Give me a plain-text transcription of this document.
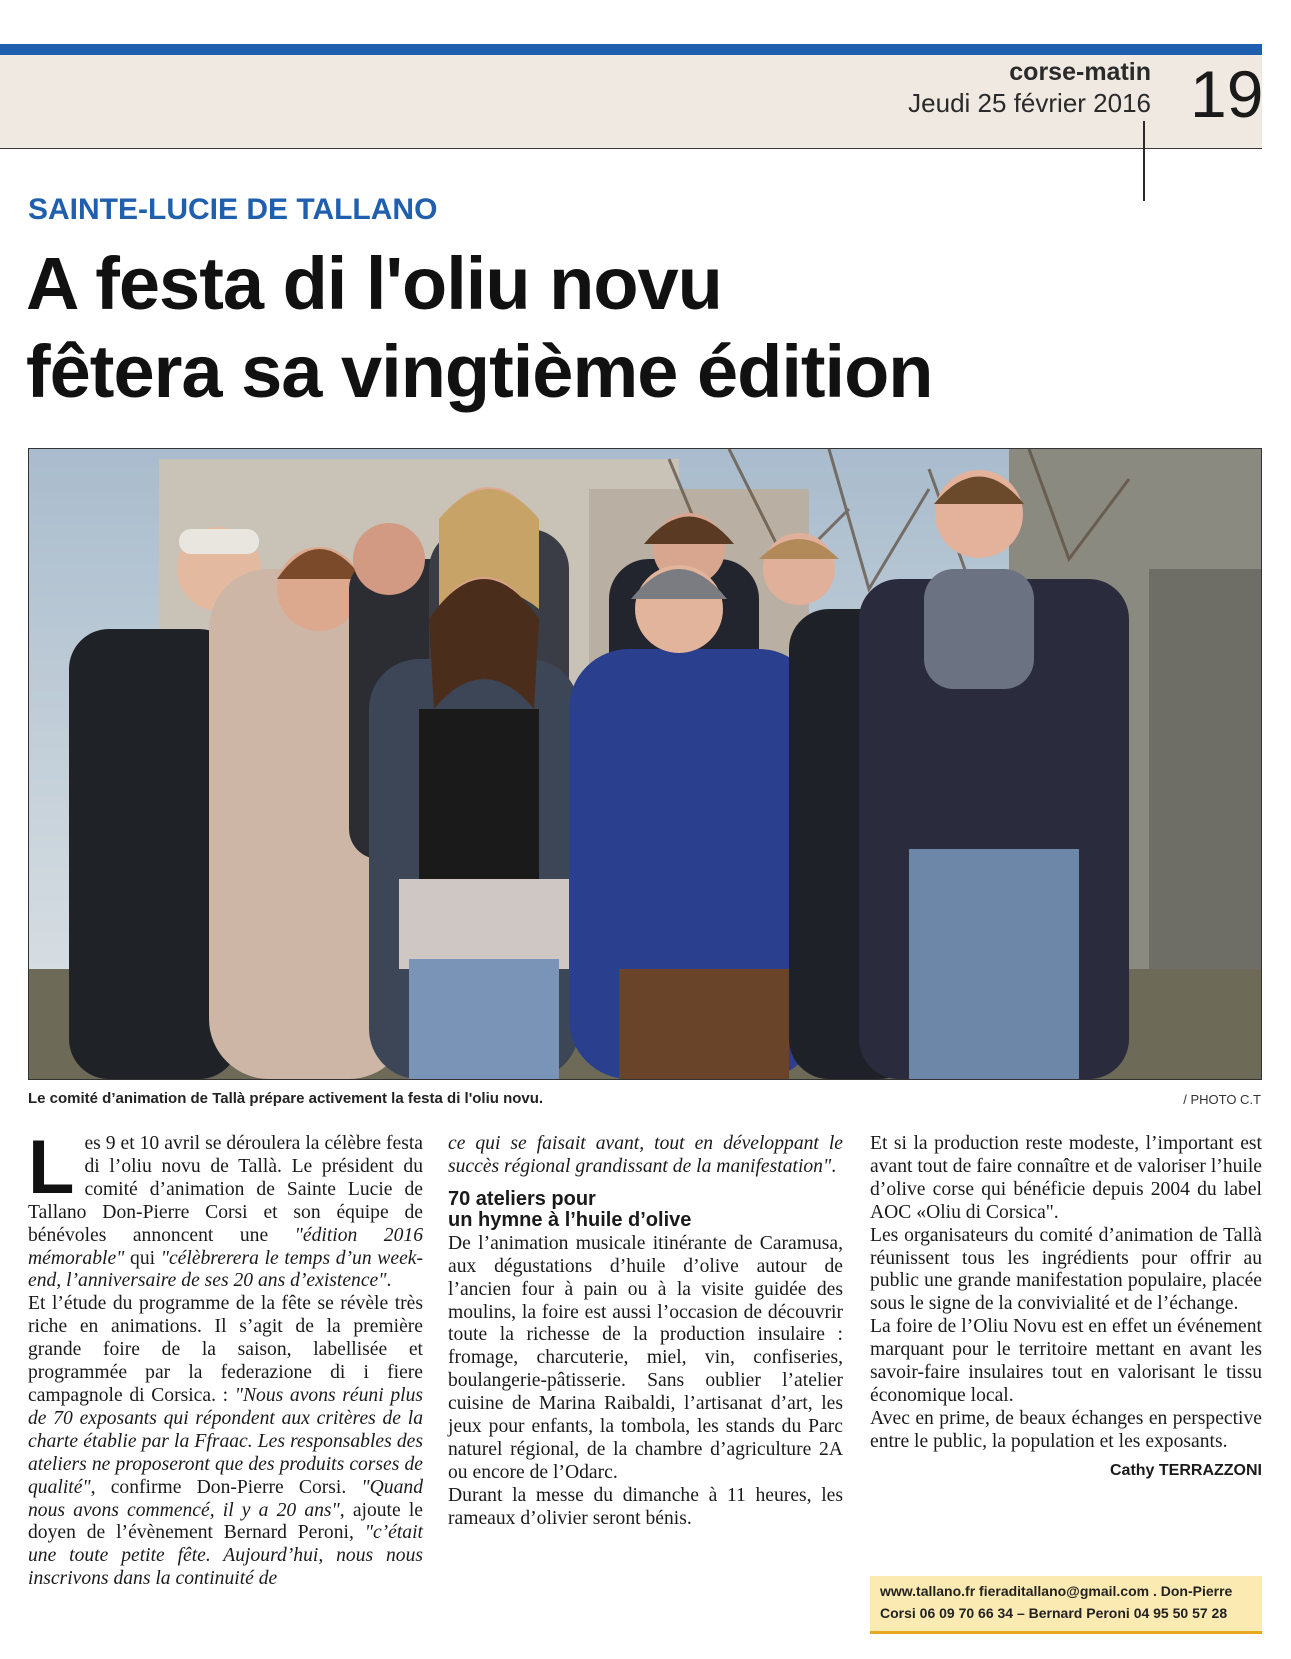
corse-matin
Jeudi 25 février 2016 19
SAINTE-LUCIE DE TALLANO
A festa di l'oliu novu
fêtera sa vingtième édition
Le comité d’animation de Tallà prépare activement la festa di l'oliu novu.	/ PHOTO C.T
L es 9 et 10 avril se déroulera la célèbre festa di l’oliu novu de Tallà. Le président du comité d’animation de Sainte Lucie de Tallano Don-Pierre Corsi et son équipe de bénévoles annoncent une "édition 2016 mémorable" qui "célèbrerera le temps d’un week-end, l’anniversaire de ses 20 ans d’existence".

Et l’étude du programme de la fête se révèle très riche en animations. Il s’agit de la première grande foire de la saison, labellisée et programmée par la federazione di i fiere campagnole di Corsica. : "Nous avons réuni plus de 70 exposants qui répondent aux critères de la charte établie par la Ffraac. Les responsables des ateliers ne proposeront que des produits corses de qualité", confirme Don-Pierre Corsi. "Quand nous avons commencé, il y a 20 ans", ajoute le doyen de l’évènement Bernard Peroni, "c’était une toute petite fête. Aujourd’hui, nous nous inscrivons dans la continuité de

ce qui se faisait avant, tout en développant le succès régional grandissant de la manifestation".

70 ateliers pour
un hymne à l’huile d’olive

De l’animation musicale itinérante de Caramusa, aux dégustations d’huile d’olive autour de l’ancien four à pain ou à la visite guidée des moulins, la foire est aussi l’occasion de découvrir toute la richesse de la production insulaire : fromage, charcuterie, miel, vin, confiseries, boulangerie-pâtisserie. Sans oublier l’atelier cuisine de Marina Raibaldi, l’artisanat d’art, les jeux pour enfants, la tombola, les stands du Parc naturel régional, de la chambre d’agriculture 2A ou encore de l’Odarc.

Durant la messe du dimanche à 11 heures, les rameaux d’olivier seront bénis.

Et si la production reste modeste, l’important est avant tout de faire connaître et de valoriser l’huile d’olive corse qui bénéficie depuis 2004 du label AOC «Oliu di Corsica".

Les organisateurs du comité d’animation de Tallà réunissent tous les ingrédients pour offrir au public une grande manifestation populaire, placée sous le signe de la convivialité et de l’échange.

La foire de l’Oliu Novu est en effet un événement marquant pour le territoire mettant en avant les savoir-faire insulaires tout en valorisant le tissu économique local.

Avec en prime, de beaux échanges en perspective entre le public, la population et les exposants.

Cathy TERRAZZONI
www.tallano.fr fieraditallano@gmail.com . Don-Pierre
Corsi 06 09 70 66 34 – Bernard Peroni 04 95 50 57 28
